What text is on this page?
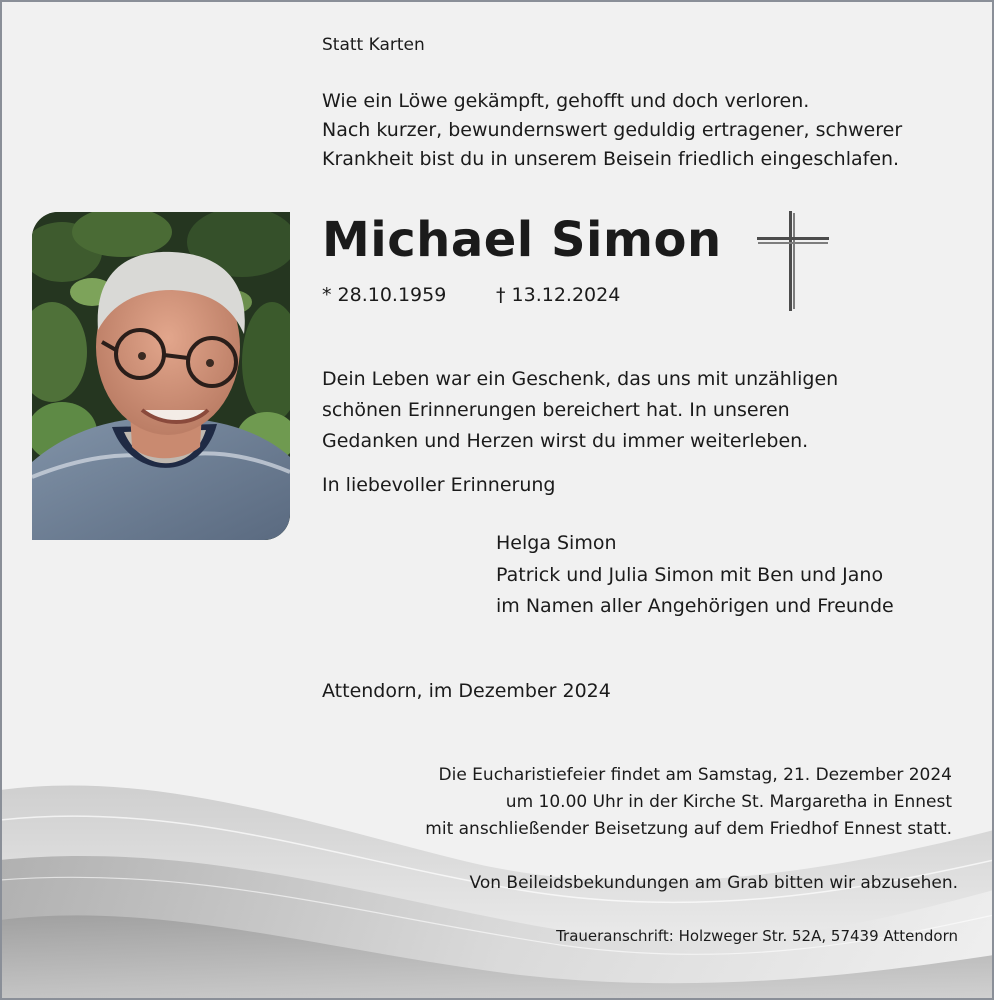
Statt Karten
Wie ein Löwe gekämpft, gehofft und doch verloren.
Nach kurzer, bewundernswert geduldig ertragener, schwerer
Krankheit bist du in unserem Beisein friedlich eingeschlafen.
Michael Simon
* 28.10.1959	† 13.12.2024
Dein Leben war ein Geschenk, das uns mit unzähligen
schönen Erinnerungen bereichert hat. In unseren
Gedanken und Herzen wirst du immer weiterleben.
In liebevoller Erinnerung
Helga Simon
Patrick und Julia Simon mit Ben und Jano
im Namen aller Angehörigen und Freunde
Attendorn, im Dezember 2024
Die Eucharistiefeier findet am Samstag, 21. Dezember 2024
um 10.00 Uhr in der Kirche St. Margaretha in Ennest
mit anschließender Beisetzung auf dem Friedhof Ennest statt.
Von Beileidsbekundungen am Grab bitten wir abzusehen.
Traueranschrift: Holzweger Str. 52A, 57439 Attendorn
